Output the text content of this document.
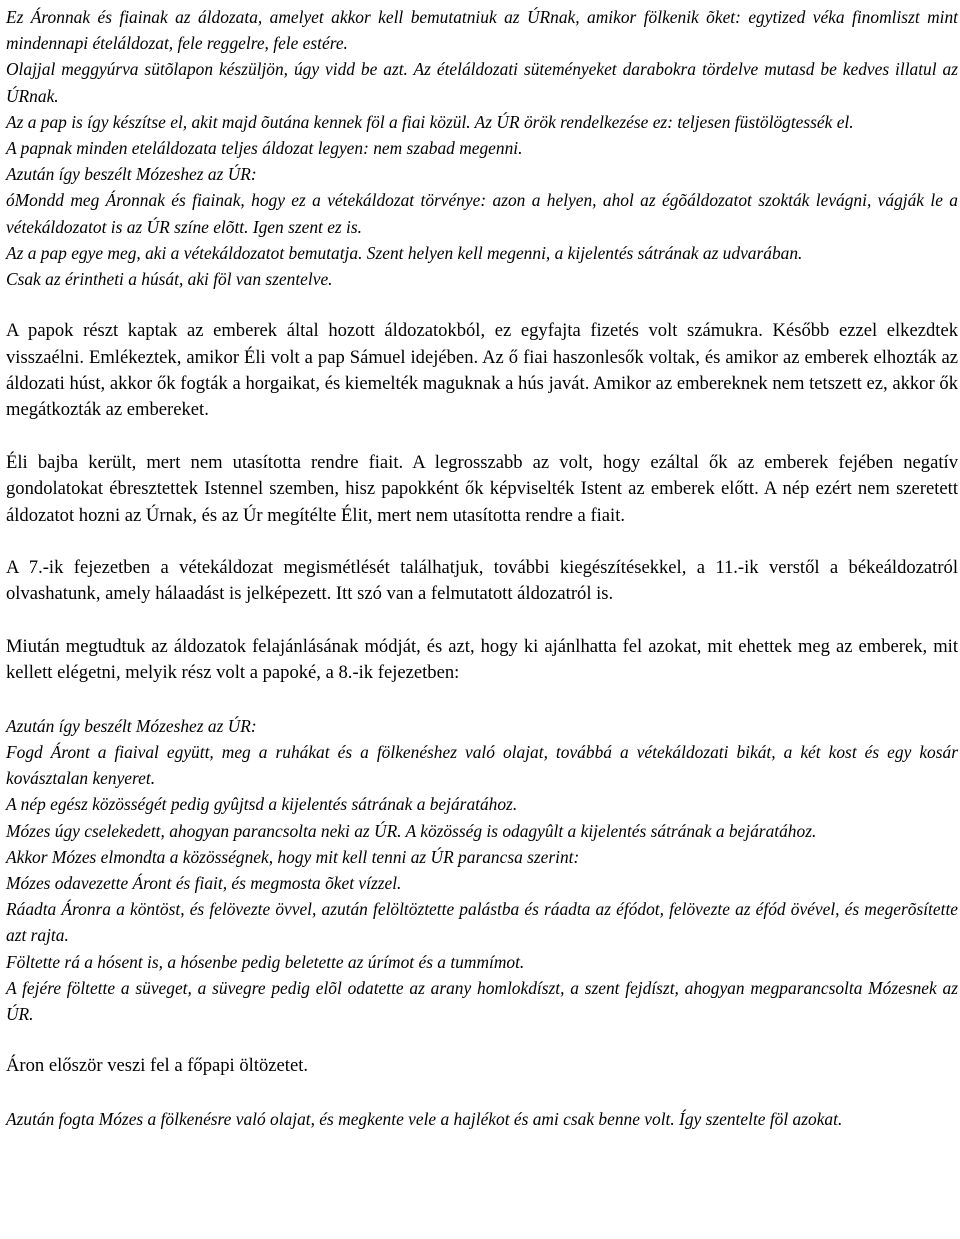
Ez Áronnak és fiainak az áldozata, amelyet akkor kell bemutatniuk az ÚRnak, amikor fölkenik õket: egytized véka finomliszt mint mindennapi ételáldozat, fele reggelre, fele estére.

Olajjal meggyúrva sütõlapon készüljön, úgy vidd be azt. Az ételáldozati süteményeket darabokra tördelve mutasd be kedves illatul az ÚRnak.

Az a pap is így készítse el, akit majd õutána kennek föl a fiai közül. Az ÚR örök rendelkezése ez: teljesen füstölögtessék el.

A papnak minden eteláldozata teljes áldozat legyen: nem szabad megenni.

Azután így beszélt Mózeshez az ÚR:

óMondd meg Áronnak és fiainak, hogy ez a vétekáldozat törvénye: azon a helyen, ahol az égõáldozatot szokták levágni, vágják le a vétekáldozatot is az ÚR színe elõtt. Igen szent ez is.

Az a pap egye meg, aki a vétekáldozatot bemutatja. Szent helyen kell megenni, a kijelentés sátrának az udvarában.

Csak az érintheti a húsát, aki föl van szentelve.

A papok részt kaptak az emberek által hozott áldozatokból, ez egyfajta fizetés volt számukra. Később ezzel elkezdtek visszaélni. Emlékeztek, amikor Éli volt a pap Sámuel idejében. Az ő fiai haszonlesők voltak, és amikor az emberek elhozták az áldozati húst, akkor ők fogták a horgaikat, és kiemelték maguknak a hús javát. Amikor az embereknek nem tetszett ez, akkor ők megátkozták az embereket.

Éli bajba került, mert nem utasította rendre fiait. A legrosszabb az volt, hogy ezáltal ők az emberek fejében negatív gondolatokat ébresztettek Istennel szemben, hisz papokként ők képviselték Istent az emberek előtt. A nép ezért nem szeretett áldozatot hozni az Úrnak, és az Úr megítélte Élit, mert nem utasította rendre a fiait.

A 7.-ik fejezetben a vétekáldozat megismétlését találhatjuk, további kiegészítésekkel, a 11.-ik verstől a békeáldozatról olvashatunk, amely hálaadást is jelképezett. Itt szó van a felmutatott áldozatról is.

Miután megtudtuk az áldozatok felajánlásának módját, és azt, hogy ki ajánlhatta fel azokat, mit ehettek meg az emberek, mit kellett elégetni, melyik rész volt a papoké, a 8.-ik fejezetben:

Azután így beszélt Mózeshez az ÚR:

Fogd Áront a fiaival együtt, meg a ruhákat és a fölkenéshez való olajat, továbbá a vétekáldozati bikát, a két kost és egy kosár kovásztalan kenyeret.

A nép egész közösségét pedig gyûjtsd a kijelentés sátrának a bejáratához.

Mózes úgy cselekedett, ahogyan parancsolta neki az ÚR. A közösség is odagyûlt a kijelentés sátrának a bejáratához.

Akkor Mózes elmondta a közösségnek, hogy mit kell tenni az ÚR parancsa szerint:

Mózes odavezette Áront és fiait, és megmosta õket vízzel.

Ráadta Áronra a köntöst, és felövezte övvel, azután felöltöztette palástba és ráadta az éfódot, felövezte az éfód övével, és megerõsítette azt rajta.

Föltette rá a hósent is, a hósenbe pedig beletette az úrímot és a tummímot.

A fejére föltette a süveget, a süvegre pedig elõl odatette az arany homlokdíszt, a szent fejdíszt, ahogyan megparancsolta Mózesnek az ÚR.

Áron először veszi fel a főpapi öltözetet.

Azután fogta Mózes a fölkenésre való olajat, és megkente vele a hajlékot és ami csak benne volt. Így szentelte föl azokat.
